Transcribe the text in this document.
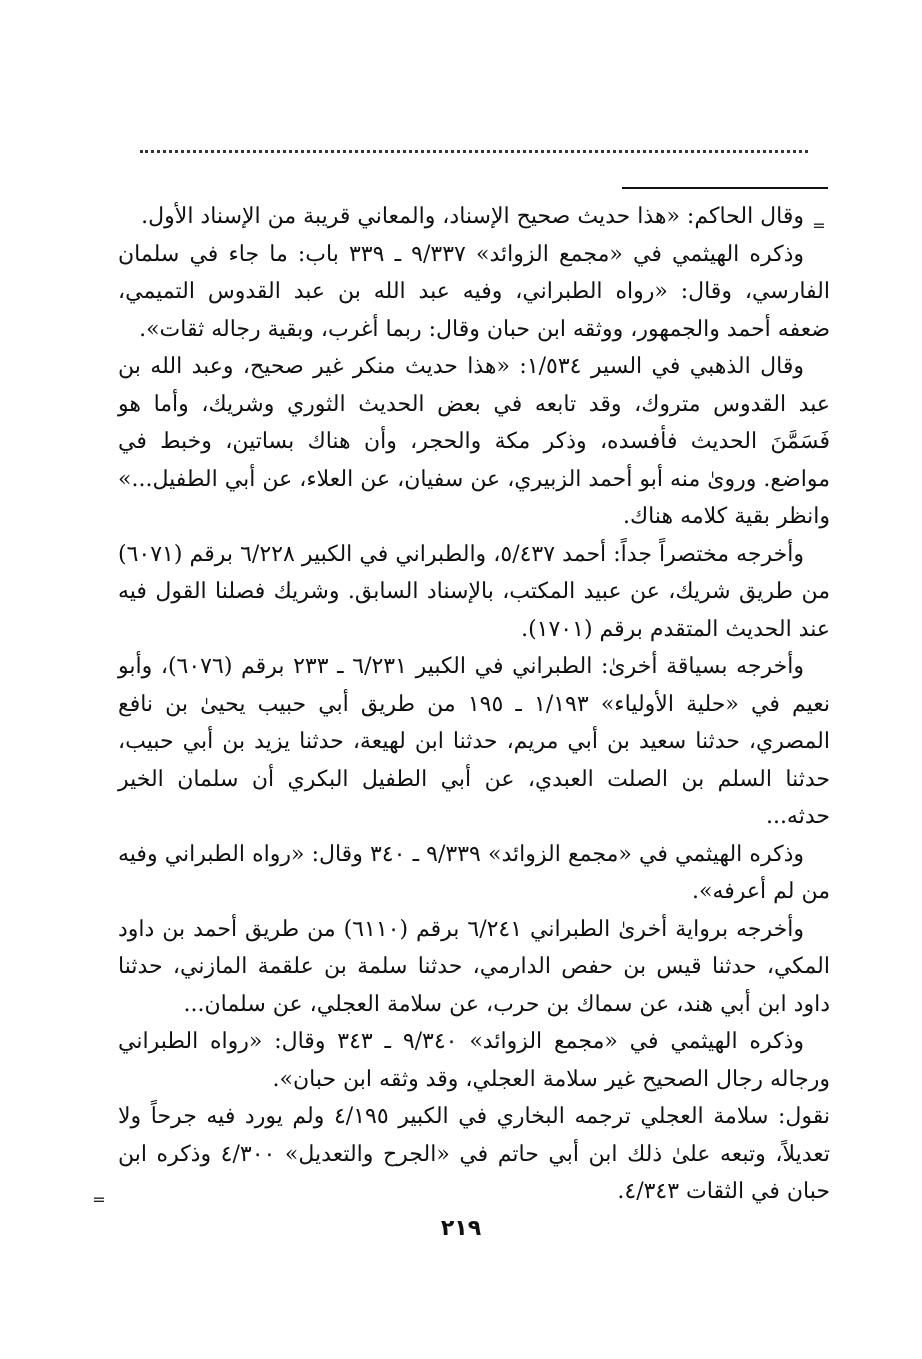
=

وقال الحاكم: «هذا حديث صحيح الإسناد، والمعاني قريبة من الإسناد الأول.

وذكره الهيثمي في «مجمع الزوائد» ٩/٣٣٧ ـ ٣٣٩ باب: ما جاء في سلمان الفارسي، وقال: «رواه الطبراني، وفيه عبد الله بن عبد القدوس التميمي، ضعفه أحمد والجمهور، ووثقه ابن حبان وقال: ربما أغرب، وبقية رجاله ثقات».

وقال الذهبي في السير ١/٥٣٤: «هذا حديث منكر غير صحيح، وعبد الله بن عبد القدوس متروك، وقد تابعه في بعض الحديث الثوري وشريك، وأما هو فَسَمَّنَ الحديث فأفسده، وذكر مكة والحجر، وأن هناك بساتين، وخبط في مواضع. وروىٰ منه أبو أحمد الزبيري، عن سفيان، عن العلاء، عن أبي الطفيل...» وانظر بقية كلامه هناك.

وأخرجه مختصراً جداً: أحمد ٥/٤٣٧، والطبراني في الكبير ٦/٢٢٨ برقم (٦٠٧١) من طريق شريك، عن عبيد المكتب، بالإسناد السابق. وشريك فصلنا القول فيه عند الحديث المتقدم برقم (١٧٠١).

وأخرجه بسياقة أخرىٰ: الطبراني في الكبير ٦/٢٣١ ـ ٢٣٣ برقم (٦٠٧٦)، وأبو نعيم في «حلية الأولياء» ١/١٩٣ ـ ١٩٥ من طريق أبي حبيب يحيىٰ بن نافع المصري، حدثنا سعيد بن أبي مريم، حدثنا ابن لهيعة، حدثنا يزيد بن أبي حبيب، حدثنا السلم بن الصلت العبدي، عن أبي الطفيل البكري أن سلمان الخير حدثه...

وذكره الهيثمي في «مجمع الزوائد» ٩/٣٣٩ ـ ٣٤٠ وقال: «رواه الطبراني وفيه من لم أعرفه».

وأخرجه برواية أخرىٰ الطبراني ٦/٢٤١ برقم (٦١١٠) من طريق أحمد بن داود المكي، حدثنا قيس بن حفص الدارمي، حدثنا سلمة بن علقمة المازني، حدثنا داود ابن أبي هند، عن سماك بن حرب، عن سلامة العجلي، عن سلمان...

وذكره الهيثمي في «مجمع الزوائد» ٩/٣٤٠ ـ ٣٤٣ وقال: «رواه الطبراني ورجاله رجال الصحيح غير سلامة العجلي، وقد وثقه ابن حبان».

نقول: سلامة العجلي ترجمه البخاري في الكبير ٤/١٩٥ ولم يورد فيه جرحاً ولا تعديلاً، وتبعه علىٰ ذلك ابن أبي حاتم في «الجرح والتعديل» ٤/٣٠٠ وذكره ابن حبان في الثقات ٤/٣٤٣.

=
٢١٩
